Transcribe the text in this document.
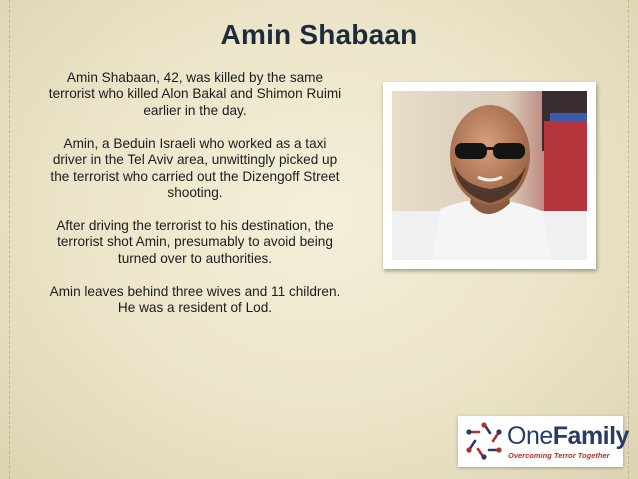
Amin Shabaan

Amin Shabaan, 42, was killed by the same terrorist who killed Alon Bakal and Shimon Ruimi earlier in the day.

Amin, a Beduin Israeli who worked as a taxi driver in the Tel Aviv area, unwittingly picked up the terrorist who carried out the Dizengoff Street shooting.

After driving the terrorist to his destination, the terrorist shot Amin, presumably to avoid being turned over to authorities.

Amin leaves behind three wives and 11 children. He was a resident of Lod.

OneFamily
Overcoming Terror Together
